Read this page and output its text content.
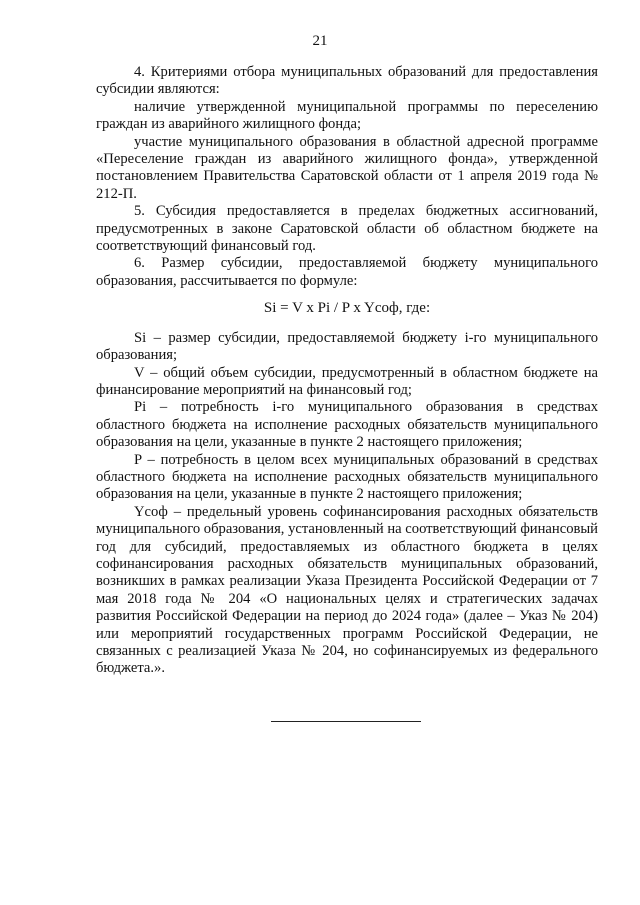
21

4. Критериями отбора муниципальных образований для предоставления субсидии являются:

наличие утвержденной муниципальной программы по переселению граждан из аварийного жилищного фонда;

участие муниципального образования в областной адресной программе «Переселение граждан из аварийного жилищного фонда», утвержденной постановлением Правительства Саратовской области от 1 апреля 2019 года № 212-П.

5. Субсидия предоставляется в пределах бюджетных ассигнований, предусмотренных в законе Саратовской области об областном бюджете на соответствующий финансовый год.

6. Размер субсидии, предоставляемой бюджету муниципального образования, рассчитывается по формуле:

Si = V x Pi / P x Yсоф, где:

Si – размер субсидии, предоставляемой бюджету i-го муниципального образования;

V – общий объем субсидии, предусмотренный в областном бюджете на финансирование мероприятий на финансовый год;

Pi – потребность i-го муниципального образования в средствах областного бюджета на исполнение расходных обязательств муниципального образования на цели, указанные в пункте 2 настоящего приложения;

P – потребность в целом всех муниципальных образований в средствах областного бюджета на исполнение расходных обязательств муниципального образования на цели, указанные в пункте 2 настоящего приложения;

Yсоф – предельный уровень софинансирования расходных обязательств муниципального образования, установленный на соответствующий финансовый год для субсидий, предоставляемых из областного бюджета в целях софинансирования расходных обязательств муниципальных образований, возникших в рамках реализации Указа Президента Российской Федерации от 7 мая 2018 года № 204 «О национальных целях и стратегических задачах развития Российской Федерации на период до 2024 года» (далее – Указ № 204) или мероприятий государственных программ Российской Федерации, не связанных с реализацией Указа № 204, но софинансируемых из федерального бюджета.».
